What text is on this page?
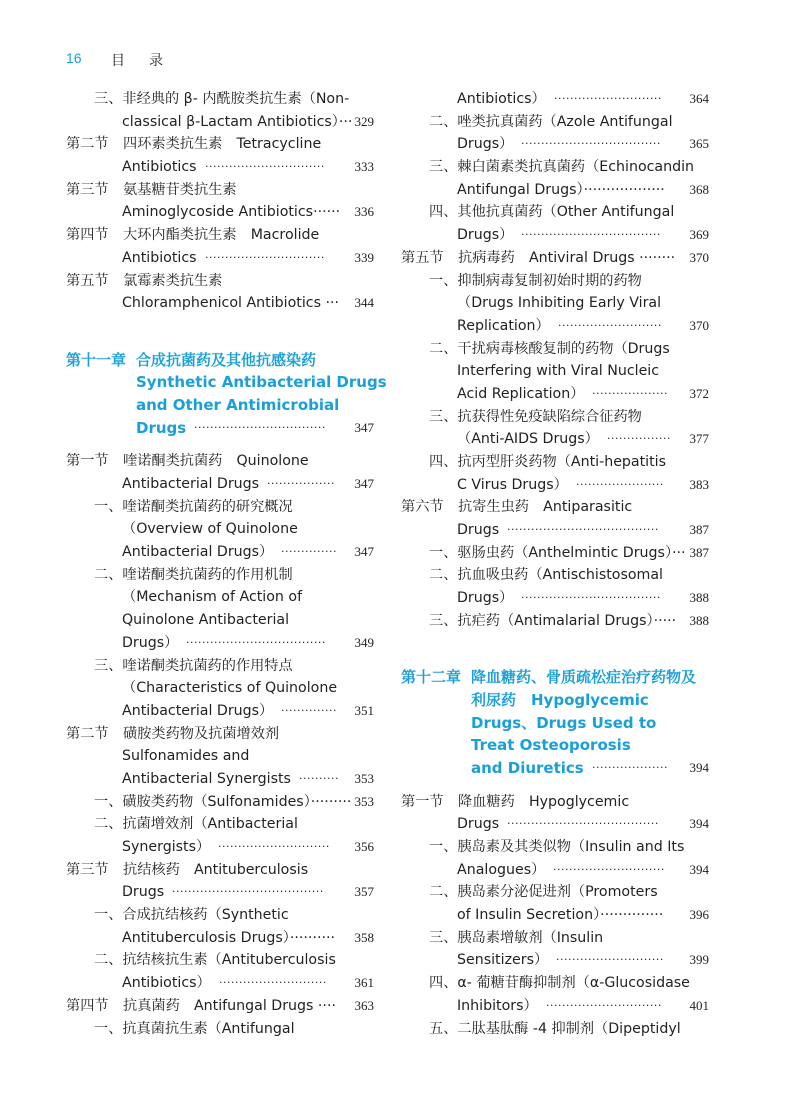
16 目录
三、非经典的 β- 内酰胺类抗生素（Non-
classical β-Lactam Antibiotics）··· 329
第二节 四环素类抗生素　Tetracycline
Antibiotics	333
······························
第三节 氨基糖苷类抗生素
Aminoglycoside Antibiotics······ 336
第四节 大环内酯类抗生素　Macrolide
Antibiotics	339
······························
第五节 氯霉素类抗生素
Chloramphenicol Antibiotics ··· 344
第十一章 合成抗菌药及其他抗感染药
Synthetic Antibacterial Drugs
and Other Antimicrobial
Drugs	347
·································
第一节 喹诺酮类抗菌药　Quinolone
Antibacterial Drugs	347
·················
一、喹诺酮类抗菌药的研究概况
（Overview of Quinolone
Antibacterial Drugs）	347
··············
二、喹诺酮类抗菌药的作用机制
（Mechanism of Action of
Quinolone Antibacterial
Drugs）	349
···································
三、喹诺酮类抗菌药的作用特点
（Characteristics of Quinolone
Antibacterial Drugs）	351
··············
第二节 磺胺类药物及抗菌增效剂
Sulfonamides and
Antibacterial Synergists	353
··········
一、磺胺类药物（Sulfonamides）········· 353
二、抗菌增效剂（Antibacterial
Synergists）	356
····························
第三节 抗结核药　Antituberculosis
Drugs	357
······································
一、合成抗结核药（Synthetic
Antituberculosis Drugs）·········· 358
二、抗结核抗生素（Antituberculosis
Antibiotics）	361
···························
第四节 抗真菌药　Antifungal Drugs ···· 363
一、抗真菌抗生素（Antifungal
Antibiotics）	364
···························
二、唑类抗真菌药（Azole Antifungal
Drugs）	365
···································
三、棘白菌素类抗真菌药（Echinocandin
Antifungal Drugs）·················· 368
四、其他抗真菌药（Other Antifungal
Drugs）	369
···································
第五节 抗病毒药　Antiviral Drugs ········ 370
一、抑制病毒复制初始时期的药物
（Drugs Inhibiting Early Viral
Replication）	370
··························
二、干扰病毒核酸复制的药物（Drugs
Interfering with Viral Nucleic
Acid Replication）	372
···················
三、抗获得性免疫缺陷综合征药物
（Anti-AIDS Drugs）	377
················
四、抗丙型肝炎药物（Anti-hepatitis
C Virus Drugs）	383
······················
第六节 抗寄生虫药　Antiparasitic
Drugs	387
······································
一、驱肠虫药（Anthelmintic Drugs）··· 387
二、抗血吸虫药（Antischistosomal
Drugs）	388
···································
三、抗疟药（Antimalarial Drugs）····· 388
第十二章 降血糖药、骨质疏松症治疗药物及
利尿药　Hypoglycemic
Drugs、Drugs Used to
Treat Osteoporosis
and Diuretics	394
···················
第一节 降血糖药　Hypoglycemic
Drugs	394
······································
一、胰岛素及其类似物（Insulin and Its
Analogues）	394
····························
二、胰岛素分泌促进剂（Promoters
of Insulin Secretion）·············· 396
三、胰岛素增敏剂（Insulin
Sensitizers）	399
···························
四、α- 葡糖苷酶抑制剂（α-Glucosidase
Inhibitors）	401
·····························
五、二肽基肽酶 -4 抑制剂（Dipeptidyl
